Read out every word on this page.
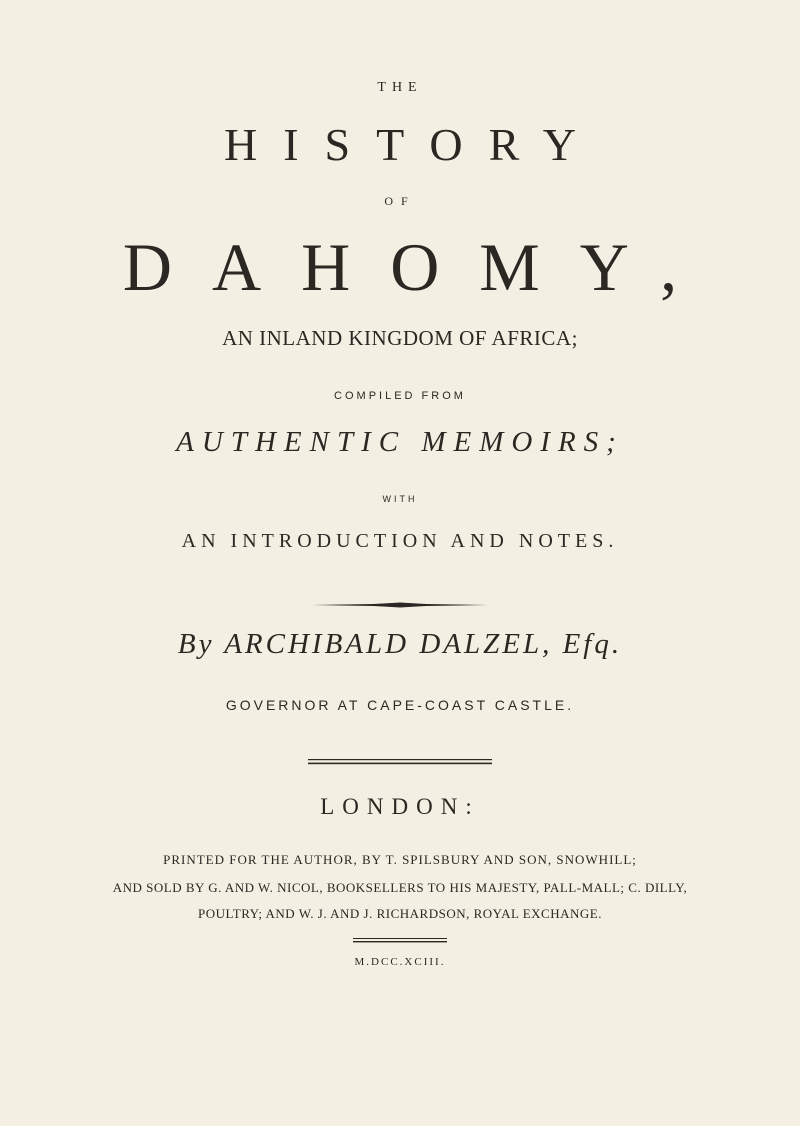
THE
HISTORY
OF
DAHOMY,
AN INLAND KINGDOM OF AFRICA;
COMPILED FROM
AUTHENTIC MEMOIRS;
WITH
AN INTRODUCTION AND NOTES.
By ARCHIBALD DALZEL, Efq.
GOVERNOR AT CAPE-COAST CASTLE.
LONDON:
PRINTED FOR THE AUTHOR, BY T. SPILSBURY AND SON, SNOWHILL;
AND SOLD BY G. AND W. NICOL, BOOKSELLERS TO HIS MAJESTY, PALL-MALL; C. DILLY,
POULTRY; AND W. J. AND J. RICHARDSON, ROYAL EXCHANGE.
M.DCC.XCIII.
